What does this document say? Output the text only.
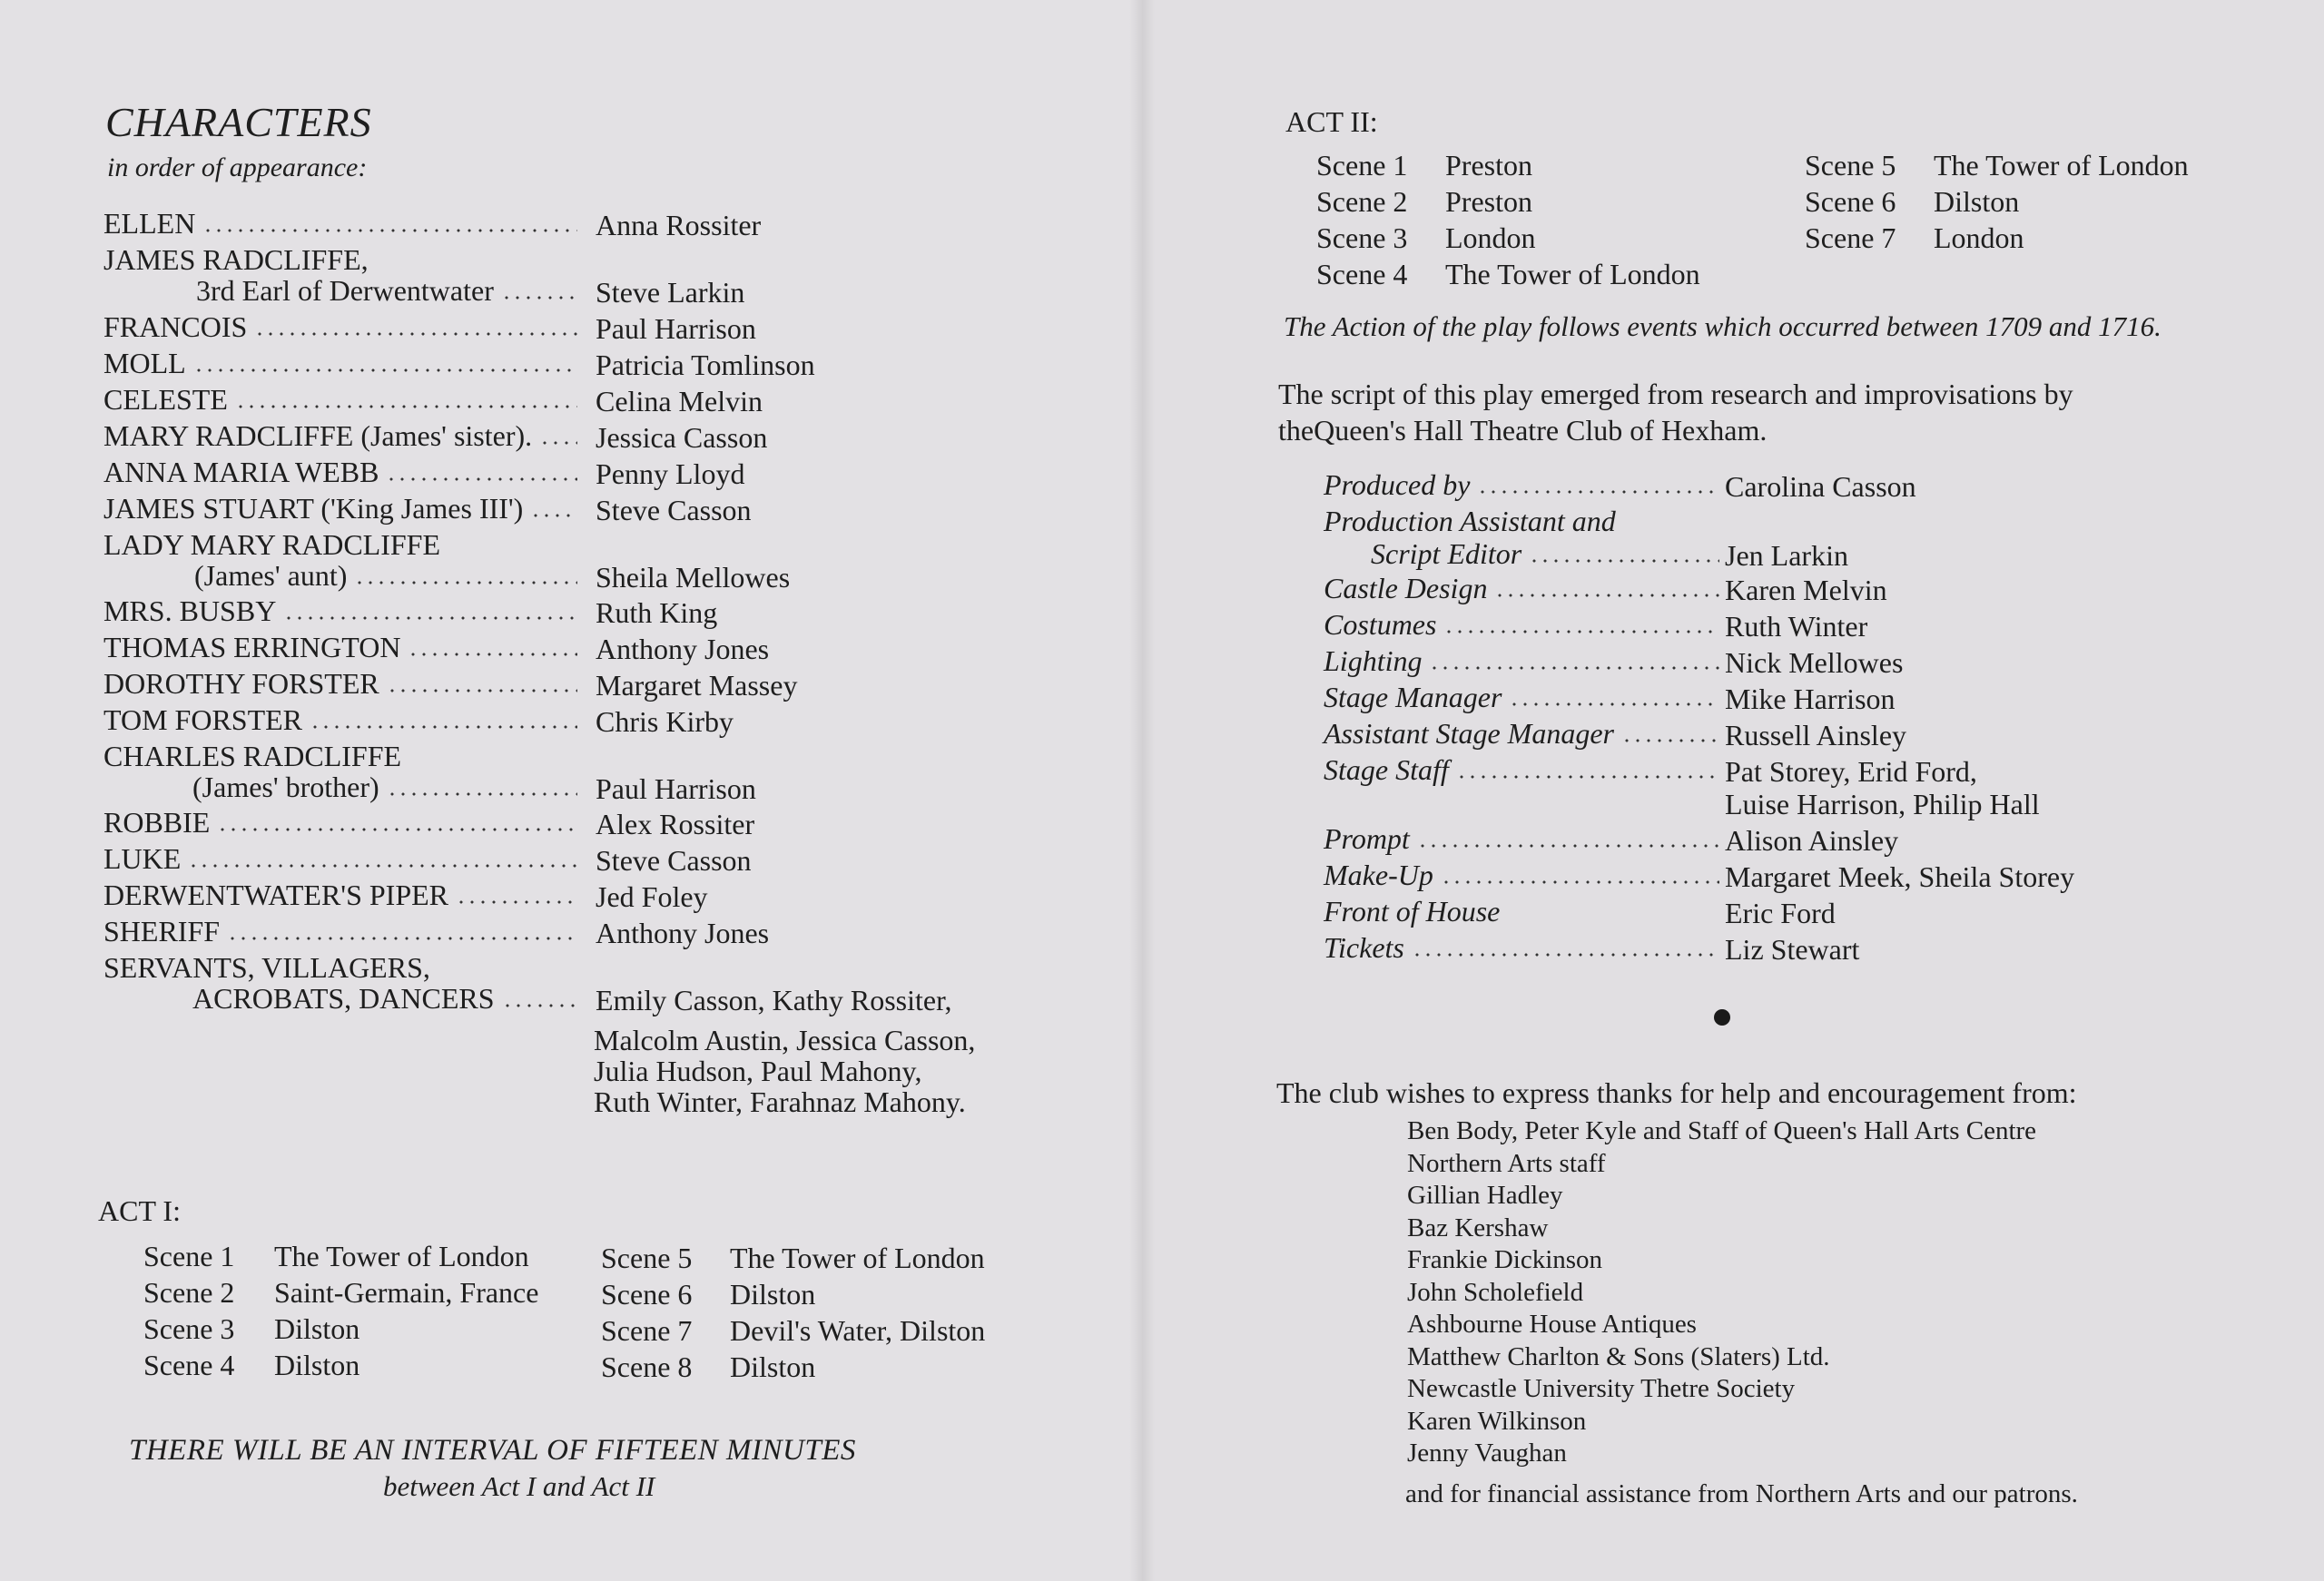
CHARACTERS
in order of appearance:
ELLEN	Anna Rossiter
JAMES RADCLIFFE,
3rd Earl of Derwentwater	Steve Larkin
FRANCOIS	Paul Harrison
MOLL	Patricia Tomlinson
CELESTE	Celina Melvin
MARY RADCLIFFE (James' sister). Jessica Casson
ANNA MARIA WEBB	Penny Lloyd
JAMES STUART ('King James III') Steve Casson
LADY MARY RADCLIFFE
(James' aunt)	Sheila Mellowes
MRS. BUSBY	Ruth King
THOMAS ERRINGTON	Anthony Jones
DOROTHY FORSTER	Margaret Massey
TOM FORSTER	Chris Kirby
CHARLES RADCLIFFE
(James' brother)	Paul Harrison
ROBBIE	Alex Rossiter
LUKE	Steve Casson
DERWENTWATER'S PIPER	Jed Foley
SHERIFF	Anthony Jones
SERVANTS, VILLAGERS,
ACROBATS, DANCERS	Emily Casson, Kathy Rossiter,
Malcolm Austin, Jessica Casson,
Julia Hudson, Paul Mahony,
Ruth Winter, Farahnaz Mahony.
ACT I:
Scene 1 The Tower of London
Scene 2 Saint-Germain, France
Scene 3 Dilston
Scene 4 Dilston
Scene 5 The Tower of London
Scene 6 Dilston
Scene 7 Devil's Water, Dilston
Scene 8 Dilston
THERE WILL BE AN INTERVAL OF FIFTEEN MINUTES
between Act I and Act II
ACT II:
Scene 1 Preston
Scene 2 Preston
Scene 3 London
Scene 4 The Tower of London
Scene 5 The Tower of London
Scene 6 Dilston
Scene 7 London
The Action of the play follows events which occurred between 1709 and 1716.
The script of this play emerged from research and improvisations by
theQueen's Hall Theatre Club of Hexham.
Produced by	Carolina Casson
Production Assistant and
Script Editor	Jen Larkin
Castle Design	Karen Melvin
Costumes	Ruth Winter
Lighting	Nick Mellowes
Stage Manager	Mike Harrison
Assistant Stage Manager	Russell Ainsley
Stage Staff	Pat Storey, Erid Ford,
Luise Harrison, Philip Hall
Prompt	Alison Ainsley
Make-Up	Margaret Meek, Sheila Storey
Front of House	Eric Ford
Tickets	Liz Stewart
The club wishes to express thanks for help and encouragement from:
Ben Body, Peter Kyle and Staff of Queen's Hall Arts Centre
Northern Arts staff
Gillian Hadley
Baz Kershaw
Frankie Dickinson
John Scholefield
Ashbourne House Antiques
Matthew Charlton & Sons (Slaters) Ltd.
Newcastle University Thetre Society
Karen Wilkinson
Jenny Vaughan
and for financial assistance from Northern Arts and our patrons.
